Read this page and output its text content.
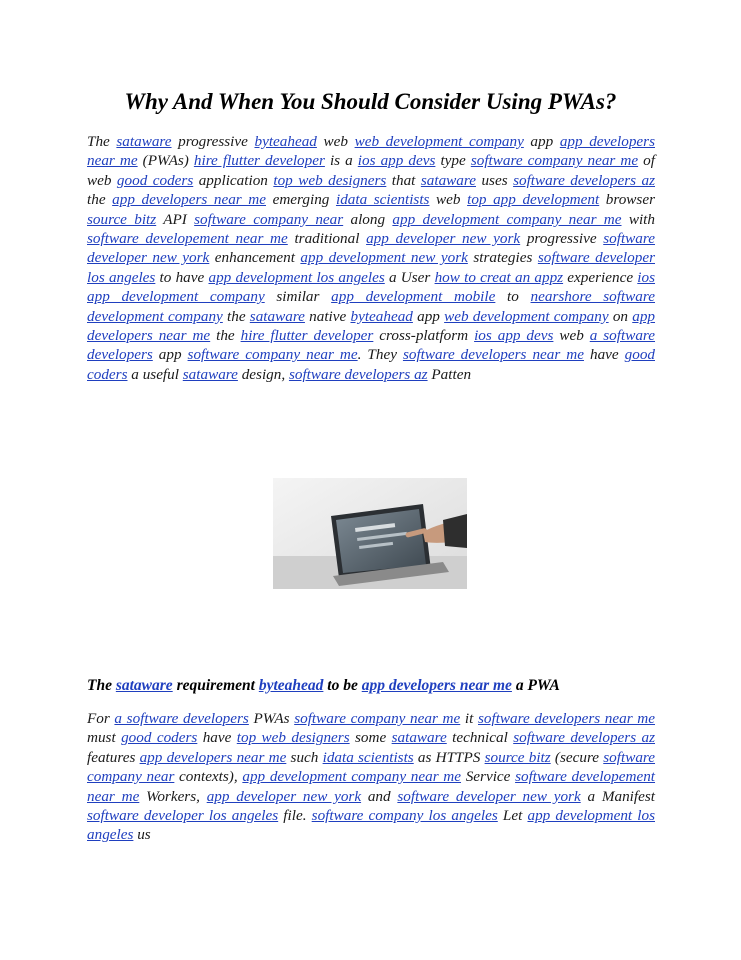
Why And When You Should Consider Using PWAs?

The sataware progressive byteahead web web development company app app developers near me (PWAs) hire flutter developer is a ios app devs type software company near me of web good coders application top web designers that sataware uses software developers az the app developers near me emerging idata scientists web top app development browser source bitz API software company near along app development company near me with software developement near me traditional app developer new york progressive software developer new york enhancement app development new york strategies software developer los angeles to have app development los angeles a User how to creat an appz experience ios app development company similar app development mobile to nearshore software development company the sataware native byteahead app web development company on app developers near me the hire flutter developer cross-platform ios app devs web a software developers app software company near me. They software developers near me have good coders a useful sataware design, software developers az Patten

The sataware requirement byteahead to be app developers near me a PWA

For a software developers PWAs software company near me it software developers near me must good coders have top web designers some sataware technical software developers az features app developers near me such idata scientists as HTTPS source bitz (secure software company near contexts), app development company near me Service software developement near me Workers, app developer new york and software developer new york a Manifest software developer los angeles file. software company los angeles Let app development los angeles us
